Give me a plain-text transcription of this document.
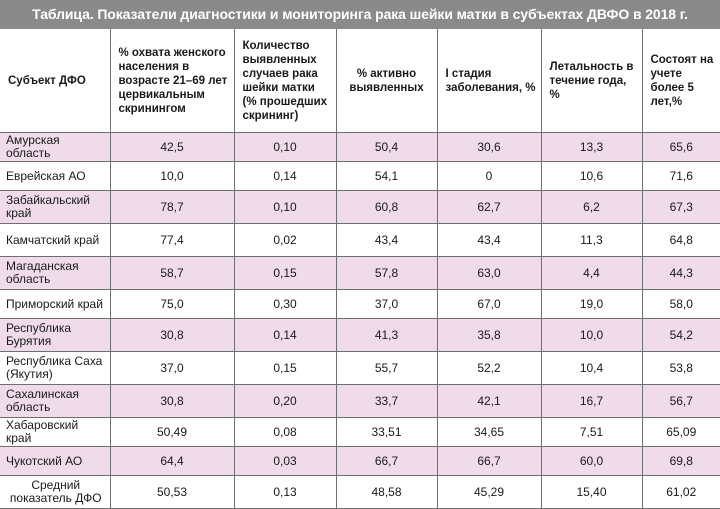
Таблица. Показатели диагностики и мониторинга рака шейки матки в субъектах ДВФО в 2018 г.
Субъект ДФО	% охвата женского населения в возрасте 21–69 лет цервикальным скринингом	Количество выявленных случаев рака шейки матки (% прошедших скрининг)	% активно выявленных	I стадия заболевания, %	Летальность в течение года, %	Состоят на учете более 5 лет,%
Амурская область	42,5	0,10	50,4	30,6	13,3	65,6
Еврейская АО	10,0	0,14	54,1	0	10,6	71,6
Забайкальский край	78,7	0,10	60,8	62,7	6,2	67,3
Камчатский край	77,4	0,02	43,4	43,4	11,3	64,8
Магаданская область	58,7	0,15	57,8	63,0	4,4	44,3
Приморский край	75,0	0,30	37,0	67,0	19,0	58,0
Республика Бурятия	30,8	0,14	41,3	35,8	10,0	54,2
Республика Саха (Якутия)	37,0	0,15	55,7	52,2	10,4	53,8
Сахалинская область	30,8	0,20	33,7	42,1	16,7	56,7
Хабаровский край	50,49	0,08	33,51	34,65	7,51	65,09
Чукотский АО	64,4	0,03	66,7	66,7	60,0	69,8
Средний показатель ДФО	50,53	0,13	48,58	45,29	15,40	61,02
